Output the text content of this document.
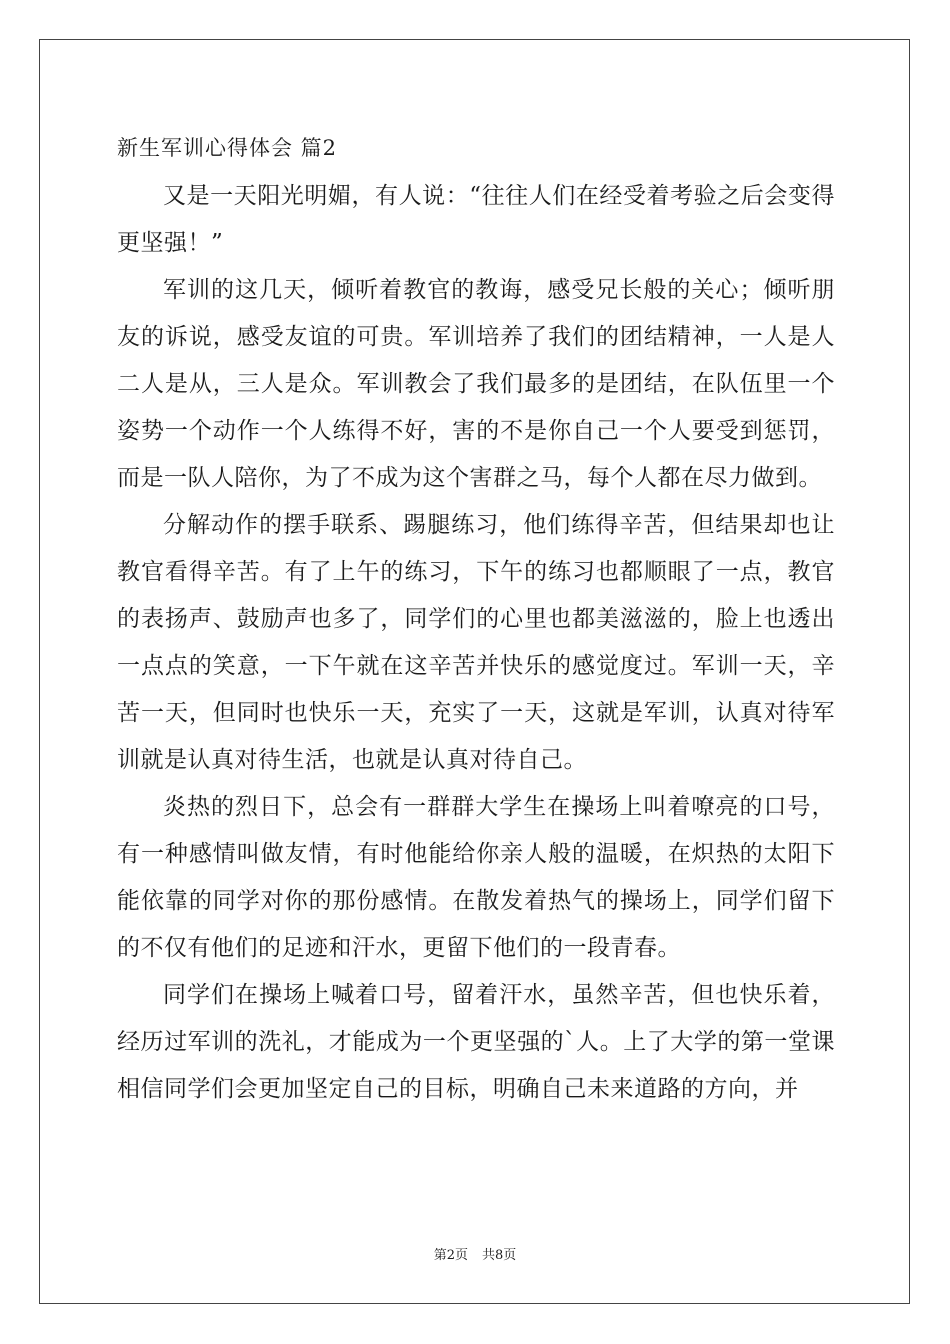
新生军训心得体会 篇2

又是一天阳光明媚，有人说：“往往人们在经受着考验之后会变得更坚强！”

军训的这几天，倾听着教官的教诲，感受兄长般的关心；倾听朋友的诉说，感受友谊的可贵。军训培养了我们的团结精神，一人是人二人是从，三人是众。军训教会了我们最多的是团结，在队伍里一个姿势一个动作一个人练得不好，害的不是你自己一个人要受到惩罚，而是一队人陪你，为了不成为这个害群之马，每个人都在尽力做到。

分解动作的摆手联系、踢腿练习，他们练得辛苦，但结果却也让教官看得辛苦。有了上午的练习，下午的练习也都顺眼了一点，教官的表扬声、鼓励声也多了，同学们的心里也都美滋滋的，脸上也透出一点点的笑意，一下午就在这辛苦并快乐的感觉度过。军训一天，辛苦一天，但同时也快乐一天，充实了一天，这就是军训，认真对待军训就是认真对待生活，也就是认真对待自己。

炎热的烈日下，总会有一群群大学生在操场上叫着嘹亮的口号，有一种感情叫做友情，有时他能给你亲人般的温暖，在炽热的太阳下能依靠的同学对你的那份感情。在散发着热气的操场上，同学们留下的不仅有他们的足迹和汗水，更留下他们的一段青春。

同学们在操场上喊着口号，留着汗水，虽然辛苦，但也快乐着，经历过军训的洗礼，才能成为一个更坚强的`人。上了大学的第一堂课相信同学们会更加坚定自己的目标，明确自己未来道路的方向，并

第2页 共8页
